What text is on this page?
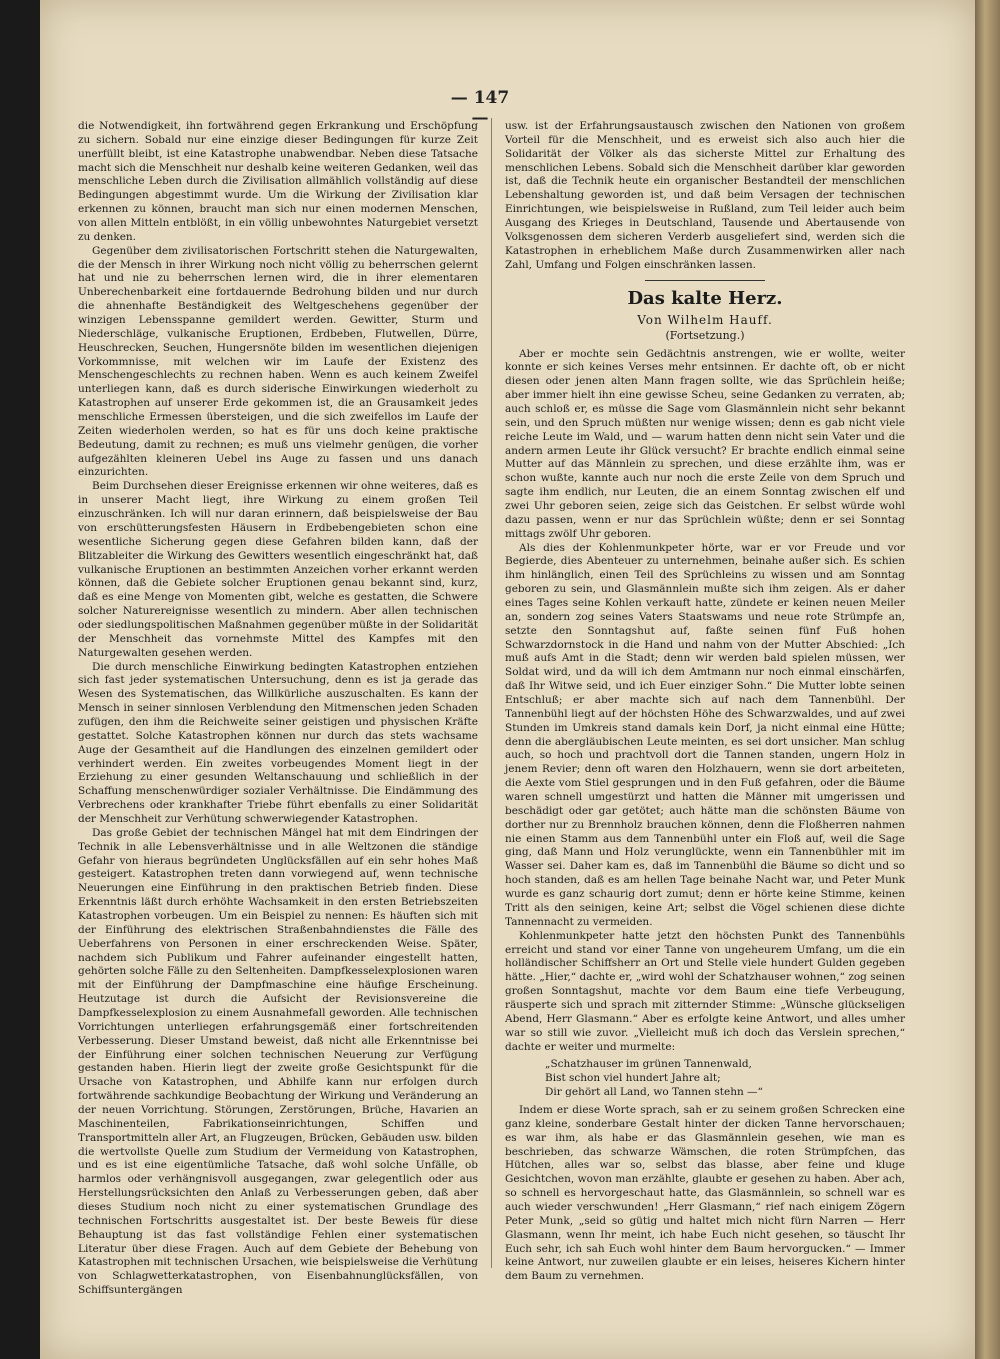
— 147 —

die Notwendigkeit, ihn fortwährend gegen Erkrankung und Erschöpfung zu sichern. Sobald nur eine einzige dieser Bedingungen für kurze Zeit unerfüllt bleibt, ist eine Katastrophe unabwendbar. Neben diese Tatsache macht sich die Menschheit nur deshalb keine weiteren Gedanken, weil das menschliche Leben durch die Zivilisation allmählich vollständig auf diese Bedingungen abgestimmt wurde. Um die Wirkung der Zivilisation klar erkennen zu können, braucht man sich nur einen modernen Menschen, von allen Mitteln entblößt, in ein völlig unbewohntes Naturgebiet versetzt zu denken.

Gegenüber dem zivilisatorischen Fortschritt stehen die Naturgewalten, die der Mensch in ihrer Wirkung noch nicht völlig zu beherrschen gelernt hat und nie zu beherrschen lernen wird, die in ihrer elementaren Unberechenbarkeit eine fortdauernde Bedrohung bilden und nur durch die ahnenhafte Beständigkeit des Weltgeschehens gegenüber der winzigen Lebensspanne gemildert werden. Gewitter, Sturm und Niederschläge, vulkanische Eruptionen, Erdbeben, Flutwellen, Dürre, Heuschrecken, Seuchen, Hungersnöte bilden im wesentlichen diejenigen Vorkommnisse, mit welchen wir im Laufe der Existenz des Menschengeschlechts zu rechnen haben. Wenn es auch keinem Zweifel unterliegen kann, daß es durch siderische Einwirkungen wiederholt zu Katastrophen auf unserer Erde gekommen ist, die an Grausamkeit jedes menschliche Ermessen übersteigen, und die sich zweifellos im Laufe der Zeiten wiederholen werden, so hat es für uns doch keine praktische Bedeutung, damit zu rechnen; es muß uns vielmehr genügen, die vorher aufgezählten kleineren Uebel ins Auge zu fassen und uns danach einzurichten.

Beim Durchsehen dieser Ereignisse erkennen wir ohne weiteres, daß es in unserer Macht liegt, ihre Wirkung zu einem großen Teil einzuschränken. Ich will nur daran erinnern, daß beispielsweise der Bau von erschütterungsfesten Häusern in Erdbebengebieten schon eine wesentliche Sicherung gegen diese Gefahren bilden kann, daß der Blitzableiter die Wirkung des Gewitters wesentlich eingeschränkt hat, daß vulkanische Eruptionen an bestimmten Anzeichen vorher erkannt werden können, daß die Gebiete solcher Eruptionen genau bekannt sind, kurz, daß es eine Menge von Momenten gibt, welche es gestatten, die Schwere solcher Naturereignisse wesentlich zu mindern. Aber allen technischen oder siedlungspolitischen Maßnahmen gegenüber müßte in der Solidarität der Menschheit das vornehmste Mittel des Kampfes mit den Naturgewalten gesehen werden.

Die durch menschliche Einwirkung bedingten Katastrophen entziehen sich fast jeder systematischen Untersuchung, denn es ist ja gerade das Wesen des Systematischen, das Willkürliche auszuschalten. Es kann der Mensch in seiner sinnlosen Verblendung den Mitmenschen jeden Schaden zufügen, den ihm die Reichweite seiner geistigen und physischen Kräfte gestattet. Solche Katastrophen können nur durch das stets wachsame Auge der Gesamtheit auf die Handlungen des einzelnen gemildert oder verhindert werden. Ein zweites vorbeugendes Moment liegt in der Erziehung zu einer gesunden Weltanschauung und schließlich in der Schaffung menschenwürdiger sozialer Verhältnisse. Die Eindämmung des Verbrechens oder krankhafter Triebe führt ebenfalls zu einer Solidarität der Menschheit zur Verhütung schwerwiegender Katastrophen.

Das große Gebiet der technischen Mängel hat mit dem Eindringen der Technik in alle Lebensverhältnisse und in alle Weltzonen die ständige Gefahr von hieraus begründeten Unglücksfällen auf ein sehr hohes Maß gesteigert. Katastrophen treten dann vorwiegend auf, wenn technische Neuerungen eine Einführung in den praktischen Betrieb finden. Diese Erkenntnis läßt durch erhöhte Wachsamkeit in den ersten Betriebszeiten Katastrophen vorbeugen. Um ein Beispiel zu nennen: Es häuften sich mit der Einführung des elektrischen Straßenbahndienstes die Fälle des Ueberfahrens von Personen in einer erschreckenden Weise. Später, nachdem sich Publikum und Fahrer aufeinander eingestellt hatten, gehörten solche Fälle zu den Seltenheiten. Dampfkesselexplosionen waren mit der Einführung der Dampfmaschine eine häufige Erscheinung. Heutzutage ist durch die Aufsicht der Revisionsvereine die Dampfkesselexplosion zu einem Ausnahmefall geworden. Alle technischen Vorrichtungen unterliegen erfahrungsgemäß einer fortschreitenden Verbesserung. Dieser Umstand beweist, daß nicht alle Erkenntnisse bei der Einführung einer solchen technischen Neuerung zur Verfügung gestanden haben. Hierin liegt der zweite große Gesichtspunkt für die Ursache von Katastrophen, und Abhilfe kann nur erfolgen durch fortwährende sachkundige Beobachtung der Wirkung und Veränderung an der neuen Vorrichtung. Störungen, Zerstörungen, Brüche, Havarien an Maschinenteilen, Fabrikationseinrichtungen, Schiffen und Transportmitteln aller Art, an Flugzeugen, Brücken, Gebäuden usw. bilden die wertvollste Quelle zum Studium der Vermeidung von Katastrophen, und es ist eine eigentümliche Tatsache, daß wohl solche Unfälle, ob harmlos oder verhängnisvoll ausgegangen, zwar gelegentlich oder aus Herstellungsrücksichten den Anlaß zu Verbesserungen geben, daß aber dieses Studium noch nicht zu einer systematischen Grundlage des technischen Fortschritts ausgestaltet ist. Der beste Beweis für diese Behauptung ist das fast vollständige Fehlen einer systematischen Literatur über diese Fragen. Auch auf dem Gebiete der Behebung von Katastrophen mit technischen Ursachen, wie beispielsweise die Verhütung von Schlagwetterkatastrophen, von Eisenbahnunglücksfällen, von Schiffsuntergängen

usw. ist der Erfahrungsaustausch zwischen den Nationen von großem Vorteil für die Menschheit, und es erweist sich also auch hier die Solidarität der Völker als das sicherste Mittel zur Erhaltung des menschlichen Lebens. Sobald sich die Menschheit darüber klar geworden ist, daß die Technik heute ein organischer Bestandteil der menschlichen Lebenshaltung geworden ist, und daß beim Versagen der technischen Einrichtungen, wie beispielsweise in Rußland, zum Teil leider auch beim Ausgang des Krieges in Deutschland, Tausende und Abertausende von Volksgenossen dem sicheren Verderb ausgeliefert sind, werden sich die Katastrophen in erheblichem Maße durch Zusammenwirken aller nach Zahl, Umfang und Folgen einschränken lassen.

Das kalte Herz.
Von Wilhelm Hauff.
(Fortsetzung.)

Aber er mochte sein Gedächtnis anstrengen, wie er wollte, weiter konnte er sich keines Verses mehr entsinnen. Er dachte oft, ob er nicht diesen oder jenen alten Mann fragen sollte, wie das Sprüchlein heiße; aber immer hielt ihn eine gewisse Scheu, seine Gedanken zu verraten, ab; auch schloß er, es müsse die Sage vom Glasmännlein nicht sehr bekannt sein, und den Spruch müßten nur wenige wissen; denn es gab nicht viele reiche Leute im Wald, und — warum hatten denn nicht sein Vater und die andern armen Leute ihr Glück versucht? Er brachte endlich einmal seine Mutter auf das Männlein zu sprechen, und diese erzählte ihm, was er schon wußte, kannte auch nur noch die erste Zeile von dem Spruch und sagte ihm endlich, nur Leuten, die an einem Sonntag zwischen elf und zwei Uhr geboren seien, zeige sich das Geistchen. Er selbst würde wohl dazu passen, wenn er nur das Sprüchlein wüßte; denn er sei Sonntag mittags zwölf Uhr geboren.

Als dies der Kohlenmunkpeter hörte, war er vor Freude und vor Begierde, dies Abenteuer zu unternehmen, beinahe außer sich. Es schien ihm hinlänglich, einen Teil des Sprüchleins zu wissen und am Sonntag geboren zu sein, und Glasmännlein mußte sich ihm zeigen. Als er daher eines Tages seine Kohlen verkauft hatte, zündete er keinen neuen Meiler an, sondern zog seines Vaters Staatswams und neue rote Strümpfe an, setzte den Sonntagshut auf, faßte seinen fünf Fuß hohen Schwarzdornstock in die Hand und nahm von der Mutter Abschied: „Ich muß aufs Amt in die Stadt; denn wir werden bald spielen müssen, wer Soldat wird, und da will ich dem Amtmann nur noch einmal einschärfen, daß Ihr Witwe seid, und ich Euer einziger Sohn.“ Die Mutter lobte seinen Entschluß; er aber machte sich auf nach dem Tannenbühl. Der Tannenbühl liegt auf der höchsten Höhe des Schwarzwaldes, und auf zwei Stunden im Umkreis stand damals kein Dorf, ja nicht einmal eine Hütte; denn die abergläubischen Leute meinten, es sei dort unsicher. Man schlug auch, so hoch und prachtvoll dort die Tannen standen, ungern Holz in jenem Revier; denn oft waren den Holzhauern, wenn sie dort arbeiteten, die Aexte vom Stiel gesprungen und in den Fuß gefahren, oder die Bäume waren schnell umgestürzt und hatten die Männer mit umgerissen und beschädigt oder gar getötet; auch hätte man die schönsten Bäume von dorther nur zu Brennholz brauchen können, denn die Floßherren nahmen nie einen Stamm aus dem Tannenbühl unter ein Floß auf, weil die Sage ging, daß Mann und Holz verunglückte, wenn ein Tannenbühler mit im Wasser sei. Daher kam es, daß im Tannenbühl die Bäume so dicht und so hoch standen, daß es am hellen Tage beinahe Nacht war, und Peter Munk wurde es ganz schaurig dort zumut; denn er hörte keine Stimme, keinen Tritt als den seinigen, keine Art; selbst die Vögel schienen diese dichte Tannennacht zu vermeiden.

Kohlenmunkpeter hatte jetzt den höchsten Punkt des Tannenbühls erreicht und stand vor einer Tanne von ungeheurem Umfang, um die ein holländischer Schiffsherr an Ort und Stelle viele hundert Gulden gegeben hätte. „Hier,“ dachte er, „wird wohl der Schatzhauser wohnen,“ zog seinen großen Sonntagshut, machte vor dem Baum eine tiefe Verbeugung, räusperte sich und sprach mit zitternder Stimme: „Wünsche glückseligen Abend, Herr Glasmann.“ Aber es erfolgte keine Antwort, und alles umher war so still wie zuvor. „Vielleicht muß ich doch das Verslein sprechen,“ dachte er weiter und murmelte:

„Schatzhauser im grünen Tannenwald,
Bist schon viel hundert Jahre alt;
Dir gehört all Land, wo Tannen stehn —“

Indem er diese Worte sprach, sah er zu seinem großen Schrecken eine ganz kleine, sonderbare Gestalt hinter der dicken Tanne hervorschauen; es war ihm, als habe er das Glasmännlein gesehen, wie man es beschrieben, das schwarze Wämschen, die roten Strümpfchen, das Hütchen, alles war so, selbst das blasse, aber feine und kluge Gesichtchen, wovon man erzählte, glaubte er gesehen zu haben. Aber ach, so schnell es hervorgeschaut hatte, das Glasmännlein, so schnell war es auch wieder verschwunden! „Herr Glasmann,“ rief nach einigem Zögern Peter Munk, „seid so gütig und haltet mich nicht fürn Narren — Herr Glasmann, wenn Ihr meint, ich habe Euch nicht gesehen, so täuscht Ihr Euch sehr, ich sah Euch wohl hinter dem Baum hervorgucken.“ — Immer keine Antwort, nur zuweilen glaubte er ein leises, heiseres Kichern hinter dem Baum zu vernehmen.
